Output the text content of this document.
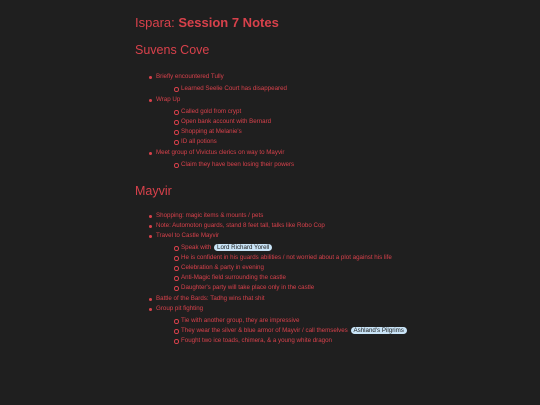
Ispara: Session 7 Notes
Suvens Cove
Briefly encountered Tully
Learned Seelie Court has disappeared
Wrap Up
Called gold from crypt
Open bank account with Bernard
Shopping at Melanie's
ID all potions
Meet group of Vivictus clerics on way to Mayvir
Claim they have been losing their powers
Mayvir
Shopping: magic items & mounts / pets
Note: Automoton guards, stand 8 feet tall, talks like Robo Cop
Travel to Castle Mayvir
Speak with Lord Richard Yorell
He is confident in his guards abilities / not worried about a plot against his life
Celebration & party in evening
Anti-Magic field surrounding the castle
Daughter's party will take place only in the castle
Battle of the Bards: Tadhg wins that shit
Group pit fighting
Tie with another group, they are impressive
They wear the silver & blue armor of Mayvir / call themselves Ashland's Pilgrims
Fought two ice toads, chimera, & a young white dragon
